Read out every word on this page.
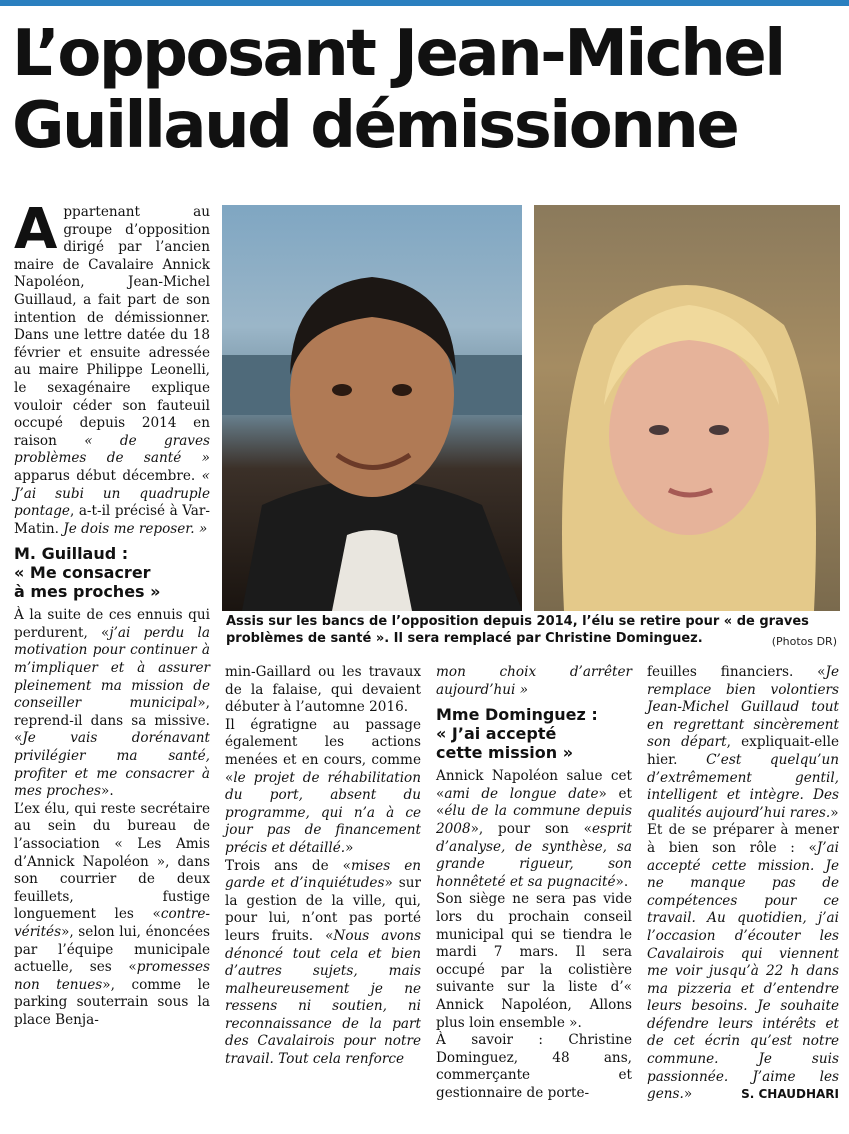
L’opposant Jean-Michel
Guillaud démissionne

Appartenant au groupe d’opposition dirigé par l’ancien maire de Cavalaire Annick Napoléon, Jean-Michel Guillaud, a fait part de son intention de démissionner. Dans une lettre datée du 18 février et ensuite adressée au maire Philippe Leonelli, le sexagénaire explique vouloir céder son fauteuil occupé depuis 2014 en raison « de graves problèmes de santé » apparus début décembre. « J’ai subi un quadruple pontage, a-t-il précisé à Var-Matin. Je dois me reposer. »

M. Guillaud :
« Me consacrer
à mes proches »

À la suite de ces ennuis qui perdurent, «j’ai perdu la motivation pour continuer à m’impliquer et à assurer pleinement ma mission de conseiller municipal», reprend-il dans sa missive. «Je vais dorénavant privilégier ma santé, profiter et me consacrer à mes proches».

L’ex élu, qui reste secrétaire au sein du bureau de l’association « Les Amis d’Annick Napoléon », dans son courrier de deux feuillets, fustige longuement les «contre-vérités», selon lui, énoncées par l’équipe municipale actuelle, ses «promesses non tenues», comme le parking souterrain sous la place Benja-

Assis sur les bancs de l’opposition depuis 2014, l’élu se retire pour « de graves problèmes de santé ». Il sera remplacé par Christine Dominguez.	(Photos DR)

min-Gaillard ou les travaux de la falaise, qui devaient débuter à l’automne 2016.

Il égratigne au passage également les actions menées et en cours, comme «le projet de réhabilitation du port, absent du programme, qui n’a à ce jour pas de financement précis et détaillé.»

Trois ans de «mises en garde et d’inquiétudes» sur la gestion de la ville, qui, pour lui, n’ont pas porté leurs fruits. «Nous avons dénoncé tout cela et bien d’autres sujets, mais malheureusement je ne ressens ni soutien, ni reconnaissance de la part des Cavalairois pour notre travail. Tout cela renforce

mon choix d’arrêter aujourd’hui »

Mme Dominguez :
« J’ai accepté
cette mission »

Annick Napoléon salue cet «ami de longue date» et «élu de la commune depuis 2008», pour son «esprit d’analyse, de synthèse, sa grande rigueur, son honnêteté et sa pugnacité».

Son siège ne sera pas vide lors du prochain conseil municipal qui se tiendra le mardi 7 mars. Il sera occupé par la colistière suivante sur la liste d’« Annick Napoléon, Allons plus loin ensemble ».

À savoir : Christine Dominguez, 48 ans, commerçante et gestionnaire de porte-

feuilles financiers. «Je remplace bien volontiers Jean-Michel Guillaud tout en regrettant sincèrement son départ, expliquait-elle hier. C’est quelqu’un d’extrêmement gentil, intelligent et intègre. Des qualités aujourd’hui rares.»

Et de se préparer à mener à bien son rôle : «J’ai accepté cette mission. Je ne manque pas de compétences pour ce travail. Au quotidien, j’ai l’occasion d’écouter les Cavalairois qui viennent me voir jusqu’à 22 h dans ma pizzeria et d’entendre leurs besoins. Je souhaite défendre leurs intérêts et de cet écrin qu’est notre commune. Je suis passionnée. J’aime les gens.»	S. CHAUDHARI
